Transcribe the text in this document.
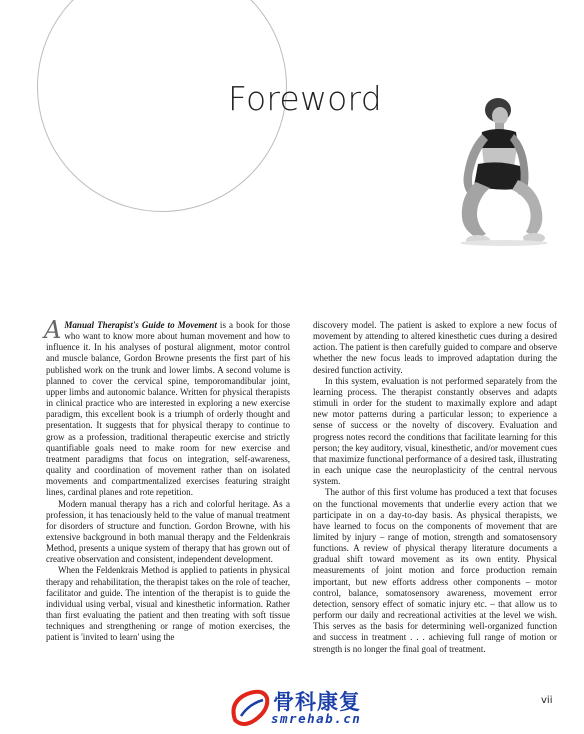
Foreword

A Manual Therapist's Guide to Movement is a book for those who want to know more about human movement and how to influence it. In his analyses of postural alignment, motor control and muscle balance, Gordon Browne presents the first part of his published work on the trunk and lower limbs. A second volume is planned to cover the cervical spine, temporomandibular joint, upper limbs and autonomic balance. Written for physical therapists in clinical practice who are interested in exploring a new exercise paradigm, this excellent book is a triumph of orderly thought and presentation. It suggests that for physical therapy to continue to grow as a profession, traditional therapeutic exercise and strictly quantifiable goals need to make room for new exercise and treatment paradigms that focus on integration, self-awareness, quality and coordination of movement rather than on isolated movements and compartmentalized exercises featuring straight lines, cardinal planes and rote repetition.

Modern manual therapy has a rich and colorful heritage. As a profession, it has tenaciously held to the value of manual treatment for disorders of structure and function. Gordon Browne, with his extensive background in both manual therapy and the Feldenkrais Method, presents a unique system of therapy that has grown out of creative observation and consistent, independent development.

When the Feldenkrais Method is applied to patients in physical therapy and rehabilitation, the therapist takes on the role of teacher, facilitator and guide. The intention of the therapist is to guide the individual using verbal, visual and kinesthetic information. Rather than first evaluating the patient and then treating with soft tissue techniques and strengthening or range of motion exercises, the patient is 'invited to learn' using the

discovery model. The patient is asked to explore a new focus of movement by attending to altered kinesthetic cues during a desired action. The patient is then carefully guided to compare and observe whether the new focus leads to improved adaptation during the desired function activity.

In this system, evaluation is not performed separately from the learning process. The therapist constantly observes and adapts stimuli in order for the student to maximally explore and adapt new motor patterns during a particular lesson; to experience a sense of success or the novelty of discovery. Evaluation and progress notes record the conditions that facilitate learning for this person; the key auditory, visual, kinesthetic, and/or movement cues that maximize functional performance of a desired task, illustrating in each unique case the neuroplasticity of the central nervous system.

The author of this first volume has produced a text that focuses on the functional movements that underlie every action that we participate in on a day-to-day basis. As physical therapists, we have learned to focus on the components of movement that are limited by injury – range of motion, strength and somatosensory functions. A review of physical therapy literature documents a gradual shift toward movement as its own entity. Physical measurements of joint motion and force production remain important, but new efforts address other components – motor control, balance, somatosensory awareness, movement error detection, sensory effect of somatic injury etc. – that allow us to perform our daily and recreational activities at the level we wish. This serves as the basis for determining well-organized function and success in treatment . . . achieving full range of motion or strength is no longer the final goal of treatment.

骨科康复
smrehab.cn
vii
